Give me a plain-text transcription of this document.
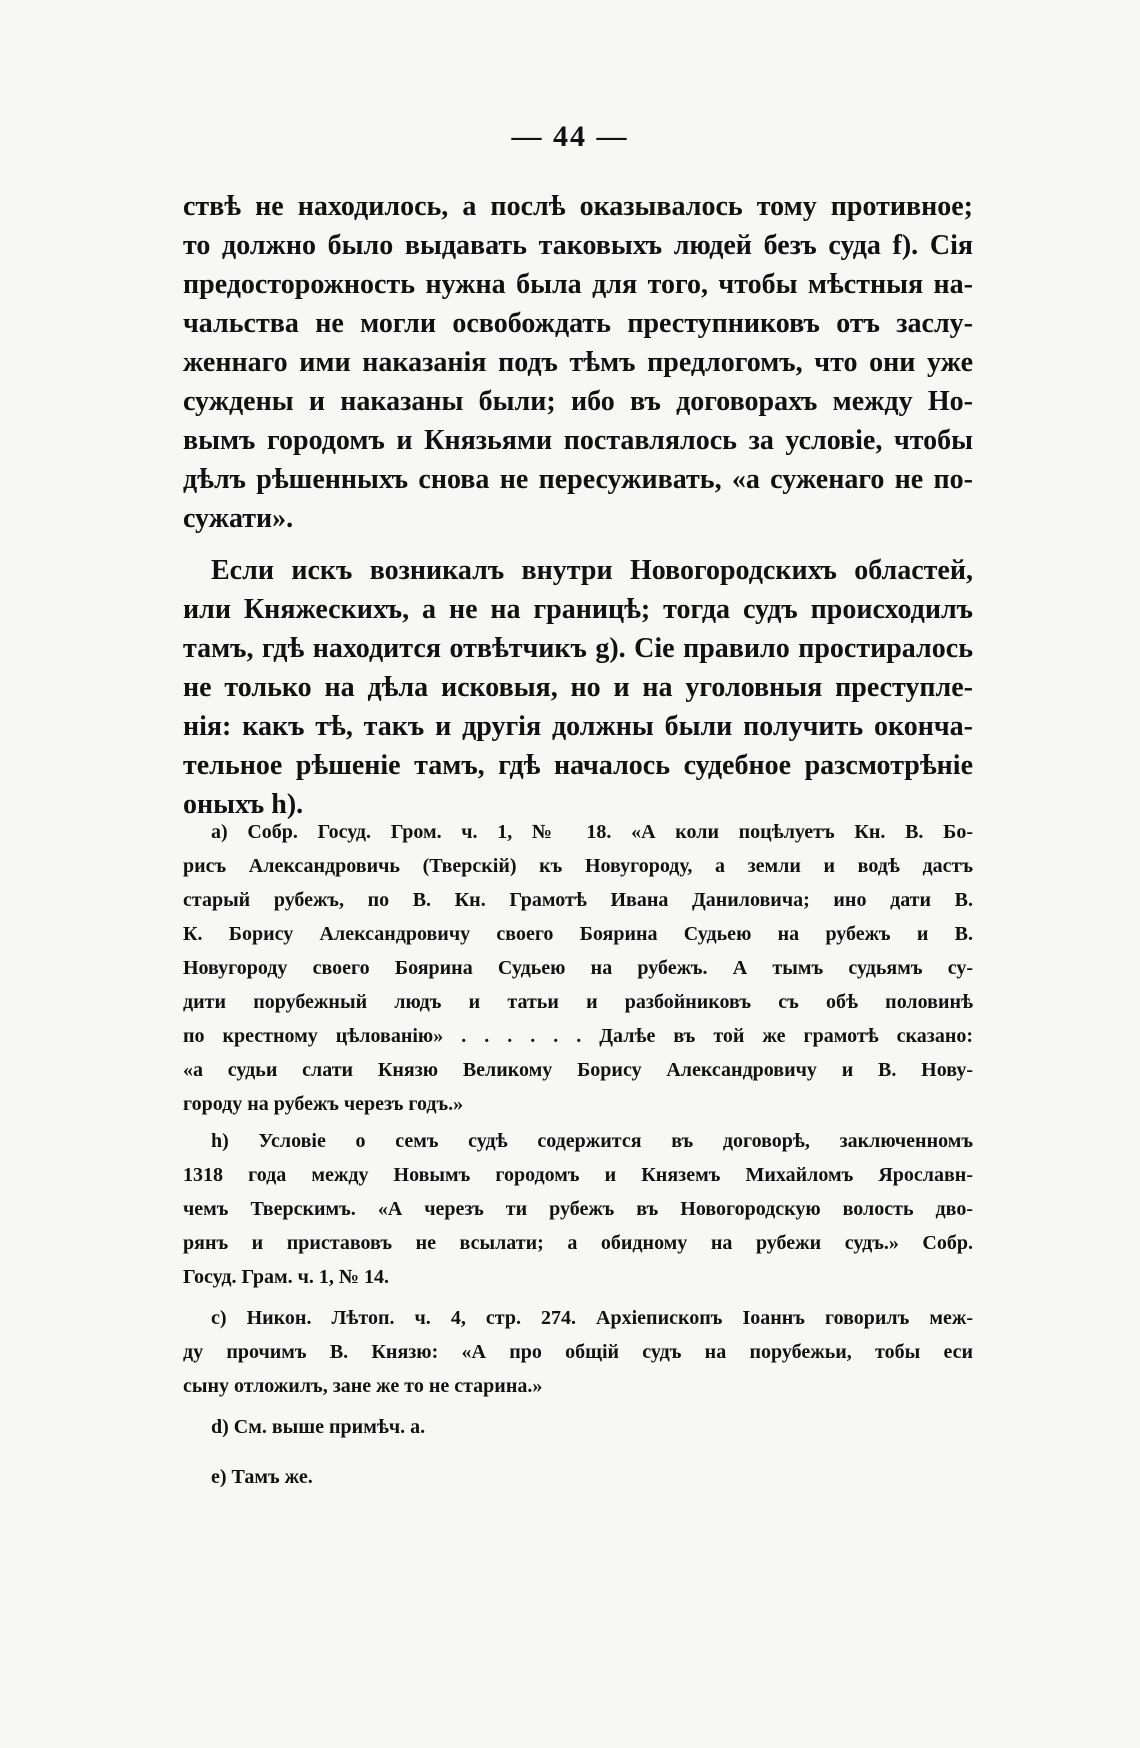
— 44 —
ствѣ не находилось, а послѣ оказывалось тому противное;
то должно было выдавать таковыхъ людей безъ суда f). Сія
предосторожность нужна была для того, чтобы мѣстныя на-
чальства не могли освобождать преступниковъ отъ заслу-
женнаго ими наказанія подъ тѣмъ предлогомъ, что они уже
суждены и наказаны были; ибо въ договорахъ между Но-
вымъ городомъ и Князьями поставлялось за условіе, чтобы
дѣлъ рѣшенныхъ снова не пересуживать, «а суженаго не по-
сужати».
Если искъ возникалъ внутри Новогородскихъ областей,
или Княжескихъ, а не на границѣ; тогда судъ происходилъ
тамъ, гдѣ находится отвѣтчикъ g). Сіе правило простиралось
не только на дѣла исковыя, но и на уголовныя преступле-
нія: какъ тѣ, такъ и другія должны были получить оконча-
тельное рѣшеніе тамъ, гдѣ началось судебное разсмотрѣніе
оныхъ h).
a) Собр. Госуд. Гром. ч. 1, № 18. «А коли поцѣлуетъ Кн. В. Бо-
рисъ Александровичь (Тверскій) къ Новугороду, а земли и водѣ дастъ
старый рубежъ, по В. Кн. Грамотѣ Ивана Даниловича; ино дати В.
К. Борису Александровичу своего Боярина Судьею на рубежъ и В.
Новугороду своего Боярина Судьею на рубежъ. А тымъ судьямъ су-
дити порубежный людъ и татьи и разбойниковъ съ обѣ половинѣ
по крестному цѣлованію» . . . . . . Далѣе въ той же грамотѣ сказано:
«а судьи слати Князю Великому Борису Александровичу и В. Нову-
городу на рубежъ черезъ годъ.»
h) Условіе о семъ судѣ содержится въ договорѣ, заключенномъ
1318 года между Новымъ городомъ и Княземъ Михайломъ Ярославн-
чемъ Тверскимъ. «А черезъ ти рубежъ въ Новогородскую волость дво-
рянъ и приставовъ не всылати; а обидному на рубежи судъ.» Собр.
Госуд. Грам. ч. 1, № 14.
c) Никон. Лѣтоп. ч. 4, стр. 274. Архіепископъ Іоаннъ говорилъ меж-
ду прочимъ В. Князю: «А про общій судъ на порубежьи, тобы еси
сыну отложилъ, зане же то не старина.»
d) См. выше примѣч. а.
e) Тамъ же.
